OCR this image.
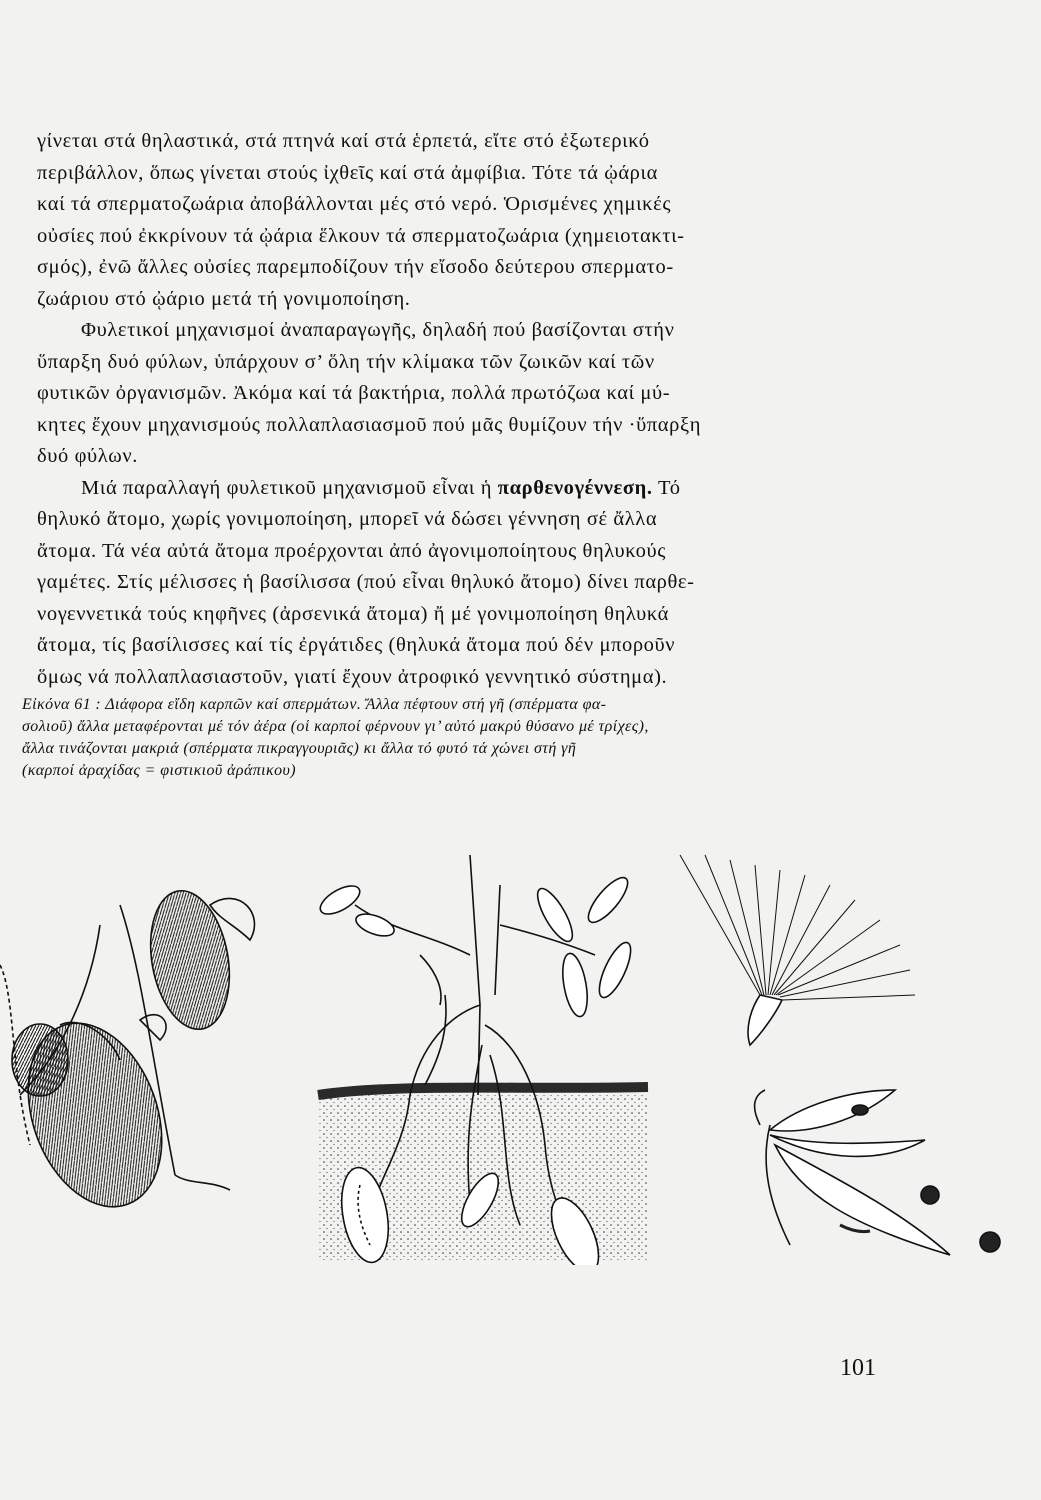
γίνεται στά θηλαστικά, στά πτηνά καί στά ἑρπετά, εἴτε στό ἐξωτερικό
περιβάλλον, ὅπως γίνεται στούς ἰχθεῖς καί στά ἀμφίβια. Τότε τά ᾠάρια
καί τά σπερματοζωάρια ἀποβάλλονται μές στό νερό. Ὁρισμένες χημικές
οὐσίες πού ἐκκρίνουν τά ᾠάρια ἕλκουν τά σπερματοζωάρια (χημειοτακτι-
σμός), ἐνῶ ἄλλες οὐσίες παρεμποδίζουν τήν εἴσοδο δεύτερου σπερματο-
ζωάριου στό ᾠάριο μετά τή γονιμοποίηση.
Φυλετικοί μηχανισμοί ἀναπαραγωγῆς, δηλαδή πού βασίζονται στήν
ὕπαρξη δυό φύλων, ὑπάρχουν σ’ ὅλη τήν κλίμακα τῶν ζωικῶν καί τῶν
φυτικῶν ὀργανισμῶν. Ἀκόμα καί τά βακτήρια, πολλά πρωτόζωα καί μύ-
κητες ἔχουν μηχανισμούς πολλαπλασιασμοῦ πού μᾶς θυμίζουν τήν ·ὕπαρξη
δυό φύλων.
Μιά παραλλαγή φυλετικοῦ μηχανισμοῦ εἶναι ἡ παρθενογέννεση. Τό
θηλυκό ἄτομο, χωρίς γονιμοποίηση, μπορεῖ νά δώσει γέννηση σέ ἄλλα
ἄτομα. Τά νέα αὐτά ἄτομα προέρχονται ἀπό ἀγονιμοποίητους θηλυκούς
γαμέτες. Στίς μέλισσες ἡ βασίλισσα (πού εἶναι θηλυκό ἄτομο) δίνει παρθε-
νογεννετικά τούς κηφῆνες (ἀρσενικά ἄτομα) ἤ μέ γονιμοποίηση θηλυκά
ἄτομα, τίς βασίλισσες καί τίς ἐργάτιδες (θηλυκά ἄτομα πού δέν μποροῦν
ὅμως νά πολλαπλασιαστοῦν, γιατί ἔχουν ἀτροφικό γεννητικό σύστημα).
Εἰκόνα 61 : Διάφορα εἴδη καρπῶν καί σπερμάτων. Ἄλλα πέφτουν στή γῆ (σπέρματα φα-
σολιοῦ) ἄλλα μεταφέρονται μέ τόν ἀέρα (οἱ καρποί φέρνουν γι’ αὐτό μακρύ θύσανο μέ τρίχες),
ἄλλα τινάζονται μακριά (σπέρματα πικραγγουριᾶς) κι ἄλλα τό φυτό τά χώνει στή γῆ
(καρποί ἀραχίδας = φιστικιοῦ ἀράπικου)
101
